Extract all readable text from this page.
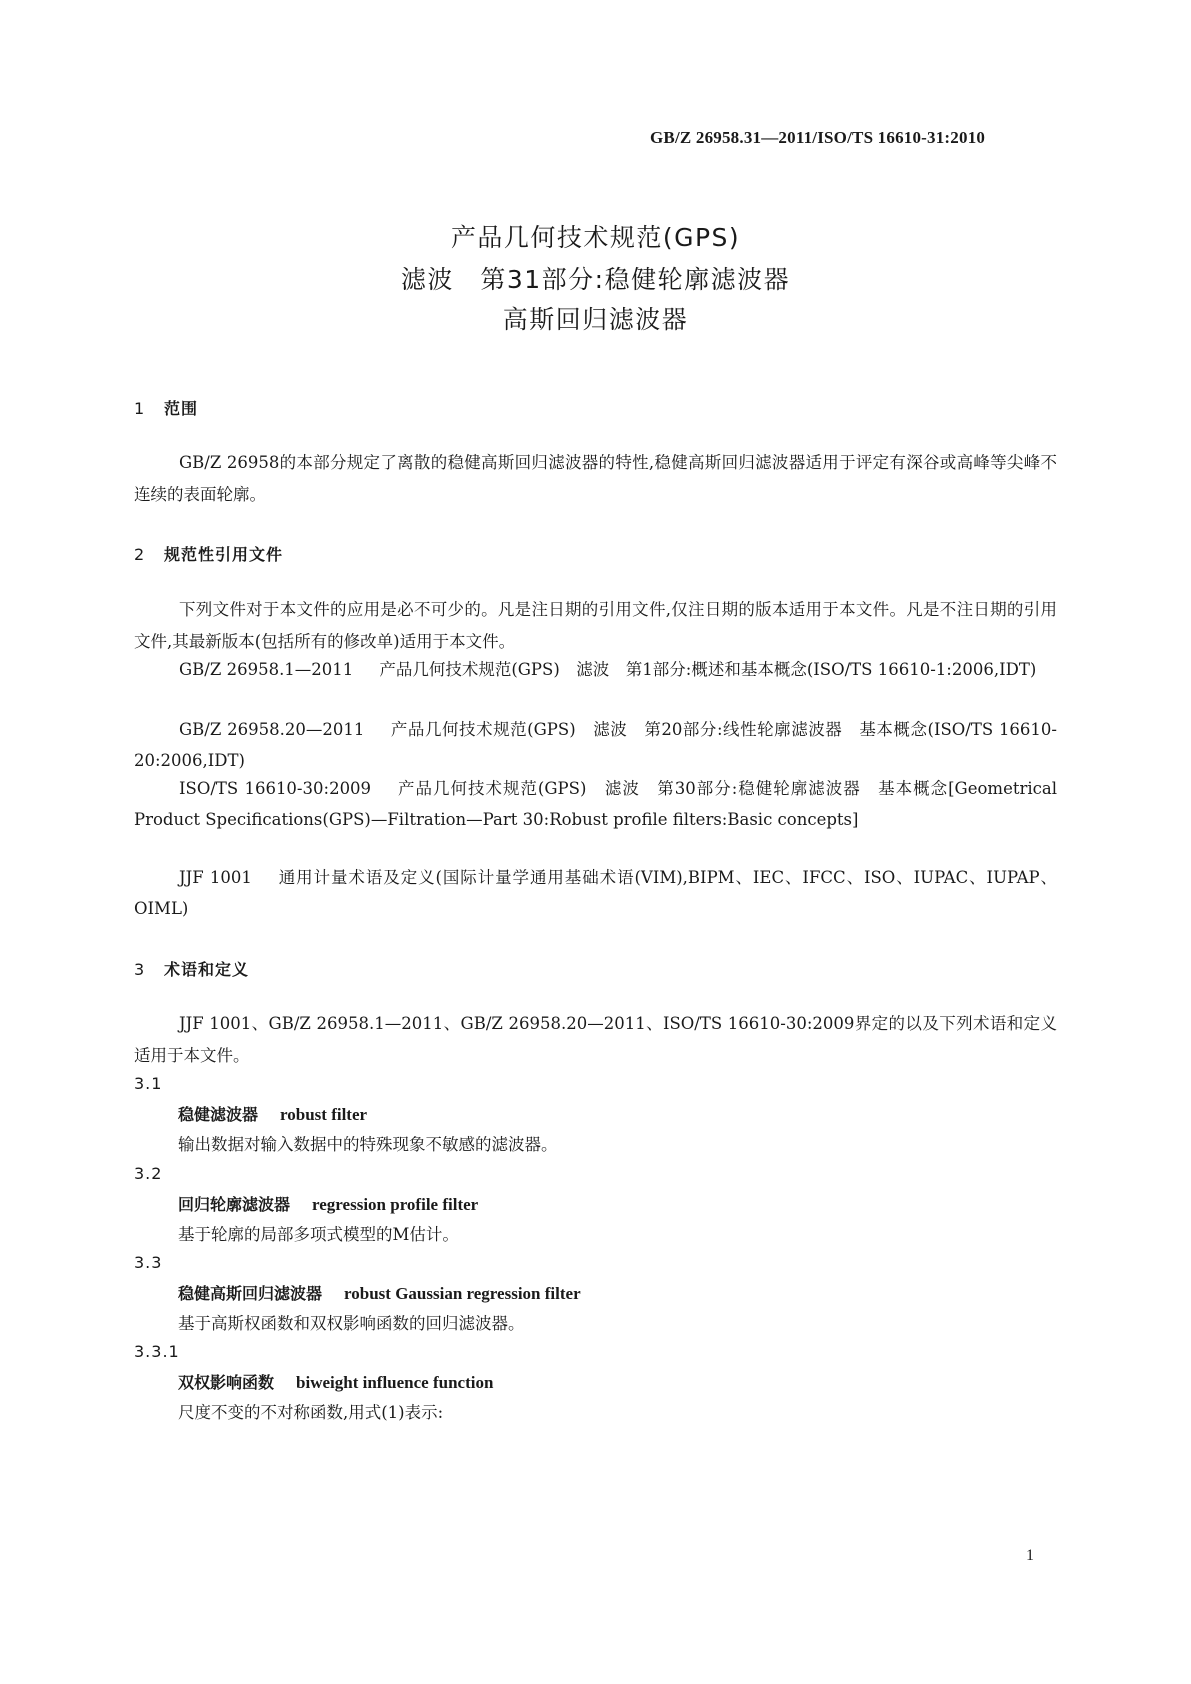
GB/Z 26958.31—2011/ISO/TS 16610-31:2010
产品几何技术规范(GPS)
滤波　第31部分:稳健轮廓滤波器
高斯回归滤波器
1 范围
GB/Z 26958的本部分规定了离散的稳健高斯回归滤波器的特性,稳健高斯回归滤波器适用于评定有深谷或高峰等尖峰不连续的表面轮廓。
2 规范性引用文件
下列文件对于本文件的应用是必不可少的。凡是注日期的引用文件,仅注日期的版本适用于本文件。凡是不注日期的引用文件,其最新版本(包括所有的修改单)适用于本文件。
GB/Z 26958.1—2011 产品几何技术规范(GPS)　滤波　第1部分:概述和基本概念(ISO/TS 16610-1:2006,IDT)
GB/Z 26958.20—2011 产品几何技术规范(GPS)　滤波　第20部分:线性轮廓滤波器　基本概念(ISO/TS 16610-20:2006,IDT)
ISO/TS 16610-30:2009 产品几何技术规范(GPS)　滤波　第30部分:稳健轮廓滤波器　基本概念[Geometrical Product Specifications(GPS)—Filtration—Part 30:Robust profile filters:Basic concepts]
JJF 1001 通用计量术语及定义(国际计量学通用基础术语(VIM),BIPM、IEC、IFCC、ISO、IUPAC、IUPAP、OIML)
3 术语和定义
JJF 1001、GB/Z 26958.1—2011、GB/Z 26958.20—2011、ISO/TS 16610-30:2009界定的以及下列术语和定义适用于本文件。
3.1
稳健滤波器 robust filter
输出数据对输入数据中的特殊现象不敏感的滤波器。
3.2
回归轮廓滤波器 regression profile filter
基于轮廓的局部多项式模型的M估计。
3.3
稳健高斯回归滤波器 robust Gaussian regression filter
基于高斯权函数和双权影响函数的回归滤波器。
3.3.1
双权影响函数 biweight influence function
尺度不变的不对称函数,用式(1)表示:
1
